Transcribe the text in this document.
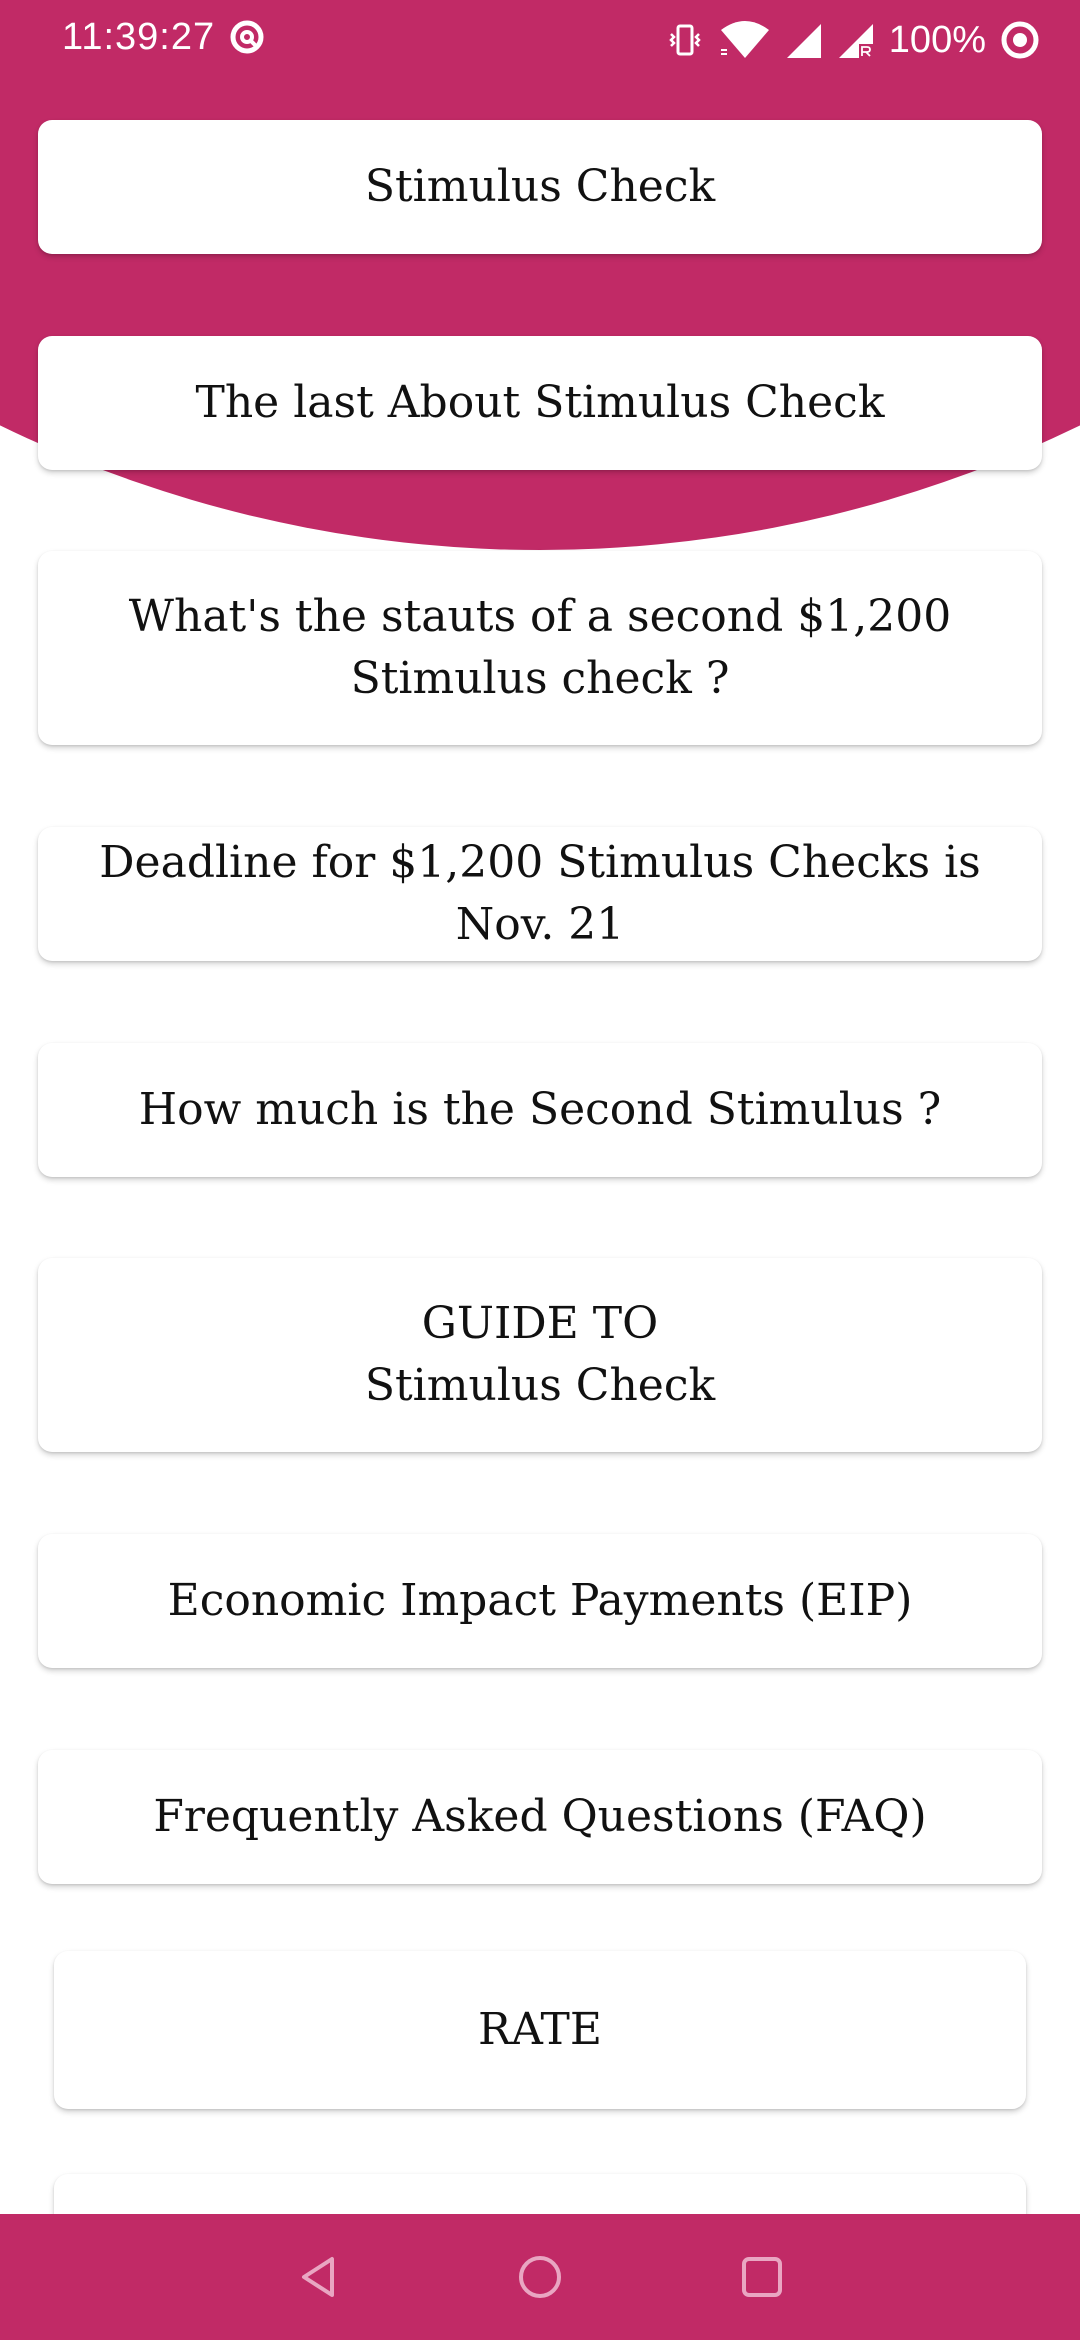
11:39:27	100%
Stimulus Check
The last About Stimulus Check
What's the stauts of a second $1,200 Stimulus check ?
Deadline for $1,200 Stimulus Checks is Nov. 21
How much is the Second Stimulus ?
GUIDE TO
Stimulus Check
Economic Impact Payments (EIP)
Frequently Asked Questions (FAQ)
RATE
